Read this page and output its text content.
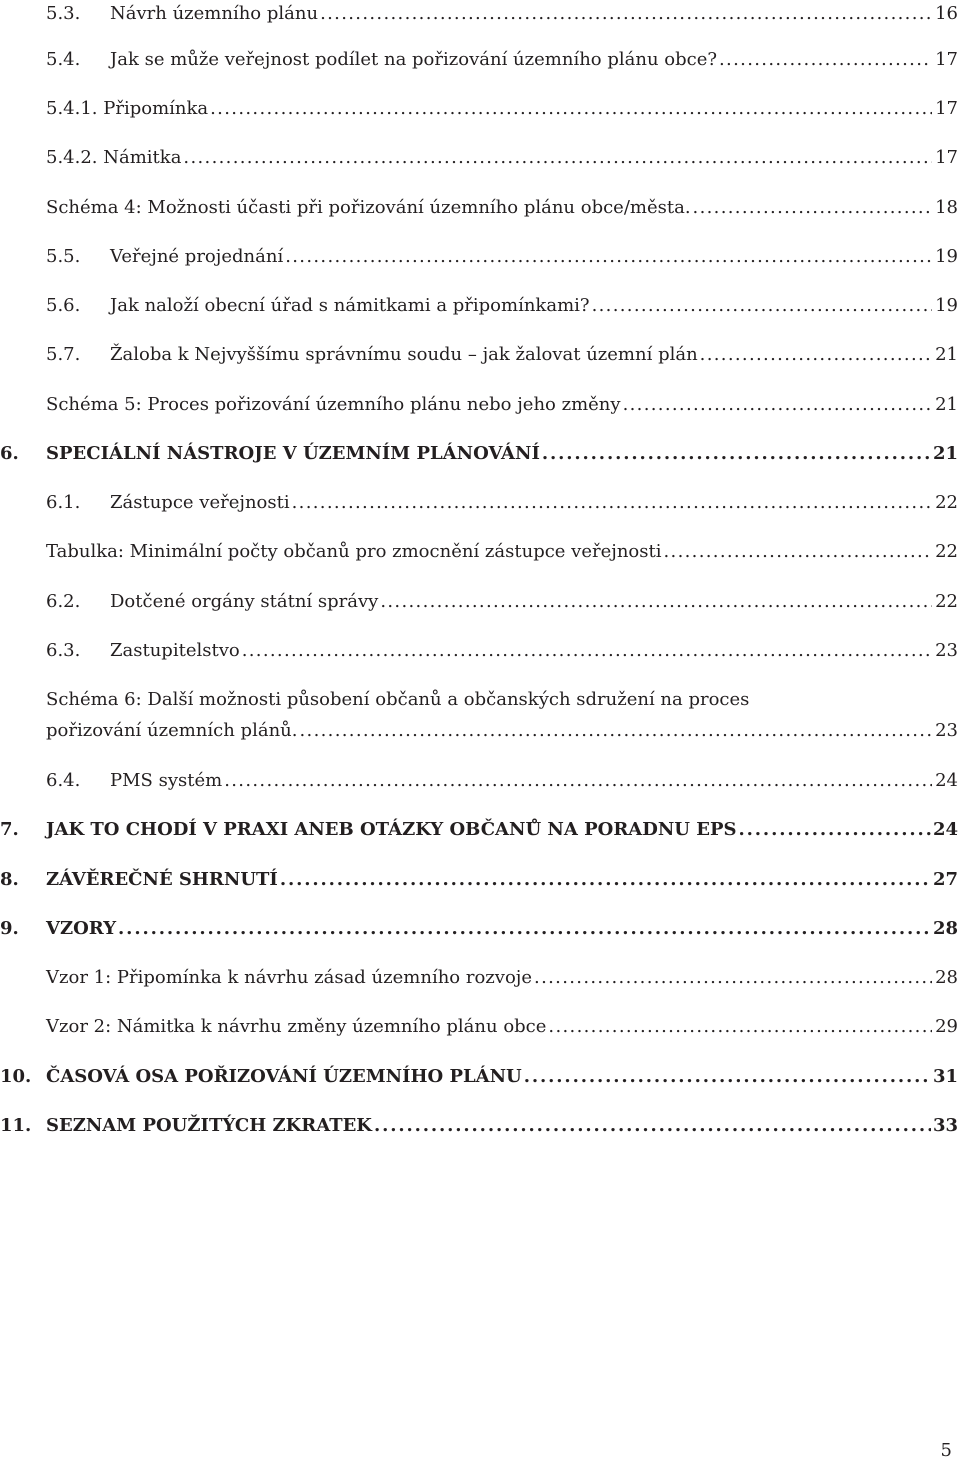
5.3.	Návrh územního plánu . . .	16
5.4.	Jak se může veřejnost podílet na pořizování územního plánu obce? . . .	17
5.4.1. Připomínka . . .	17
5.4.2. Námitka . . .	17
Schéma 4: Možnosti účasti při pořizování územního plánu obce/města. . . .	18
5.5.	Veřejné projednání . . .	19
5.6.	Jak naloží obecní úřad s námitkami a připomínkami? . . .	19
5.7.	Žaloba k Nejvyššímu správnímu soudu – jak žalovat územní plán . . .	21
Schéma 5: Proces pořizování územního plánu nebo jeho změny . . .	21
6.	SPECIÁLNÍ NÁSTROJE V ÚZEMNÍM PLÁNOVÁNÍ . . .	21
6.1.	Zástupce veřejnosti . . .	22
Tabulka: Minimální počty občanů pro zmocnění zástupce veřejnosti . . .	22
6.2.	Dotčené orgány státní správy . . .	22
6.3.	Zastupitelstvo . . .	23
Schéma 6: Další možnosti působení občanů a občanských sdružení na proces
pořizování územních plánů. . . .	23
6.4.	PMS systém . . .	24
7.	JAK TO CHODÍ V PRAXI ANEB OTÁZKY OBČANŮ NA PORADNU EPS . . .	24
8.	ZÁVĚREČNÉ SHRNUTÍ . . .	27
9.	VZORY . . .	28
Vzor 1: Připomínka k návrhu zásad územního rozvoje . . .	28
Vzor 2: Námitka k návrhu změny územního plánu obce . . .	29
10. ČASOVÁ OSA POŘIZOVÁNÍ ÚZEMNÍHO PLÁNU . . .	31
11. SEZNAM POUŽITÝCH ZKRATEK . . .	33
5
